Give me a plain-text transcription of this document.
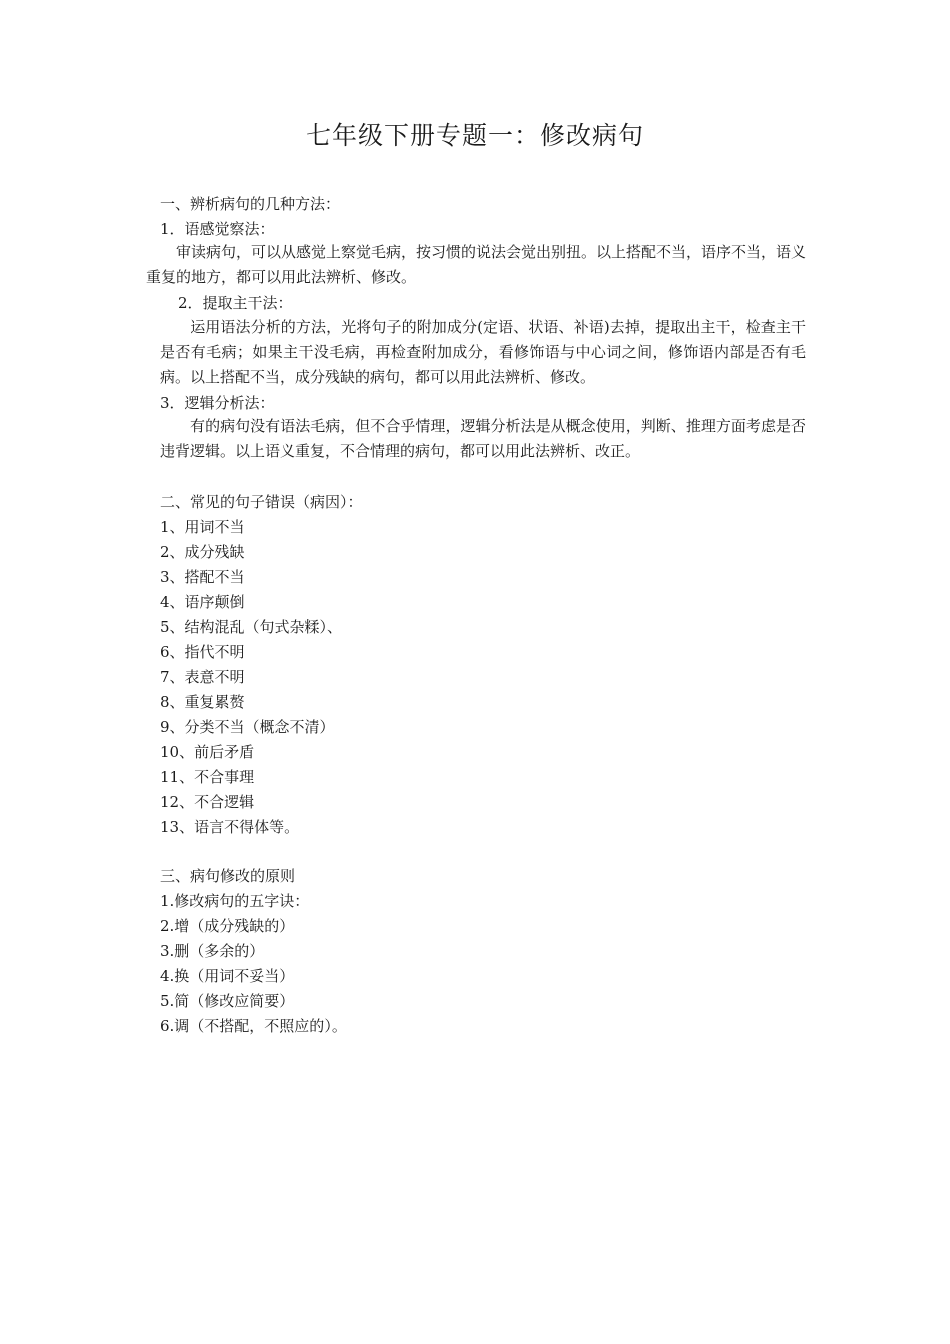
七年级下册专题一：修改病句
一、辨析病句的几种方法：
1．语感觉察法：
　　审读病句，可以从感觉上察觉毛病，按习惯的说法会觉出别扭。以上搭配不当，语序不当，语义重复的地方，都可以用此法辨析、修改。
2．提取主干法：
　　运用语法分析的方法，光将句子的附加成分(定语、状语、补语)去掉，提取出主干，检查主干是否有毛病；如果主干没毛病，再检查附加成分，看修饰语与中心词之间，修饰语内部是否有毛病。以上搭配不当，成分残缺的病句，都可以用此法辨析、修改。
3．逻辑分析法：
　　有的病句没有语法毛病，但不合乎情理，逻辑分析法是从概念使用，判断、推理方面考虑是否违背逻辑。以上语义重复，不合情理的病句，都可以用此法辨析、改正。
二、常见的句子错误（病因）：
1、用词不当
2、成分残缺
3、搭配不当
4、语序颠倒
5、结构混乱（句式杂糅）、
6、指代不明
7、表意不明
8、重复累赘
9、分类不当（概念不清）
10、前后矛盾
11、不合事理
12、不合逻辑
13、语言不得体等。
三、病句修改的原则
1.修改病句的五字诀：
2.增（成分残缺的）
3.删（多余的）
4.换（用词不妥当）
5.简（修改应简要）
6.调（不搭配，不照应的）。
